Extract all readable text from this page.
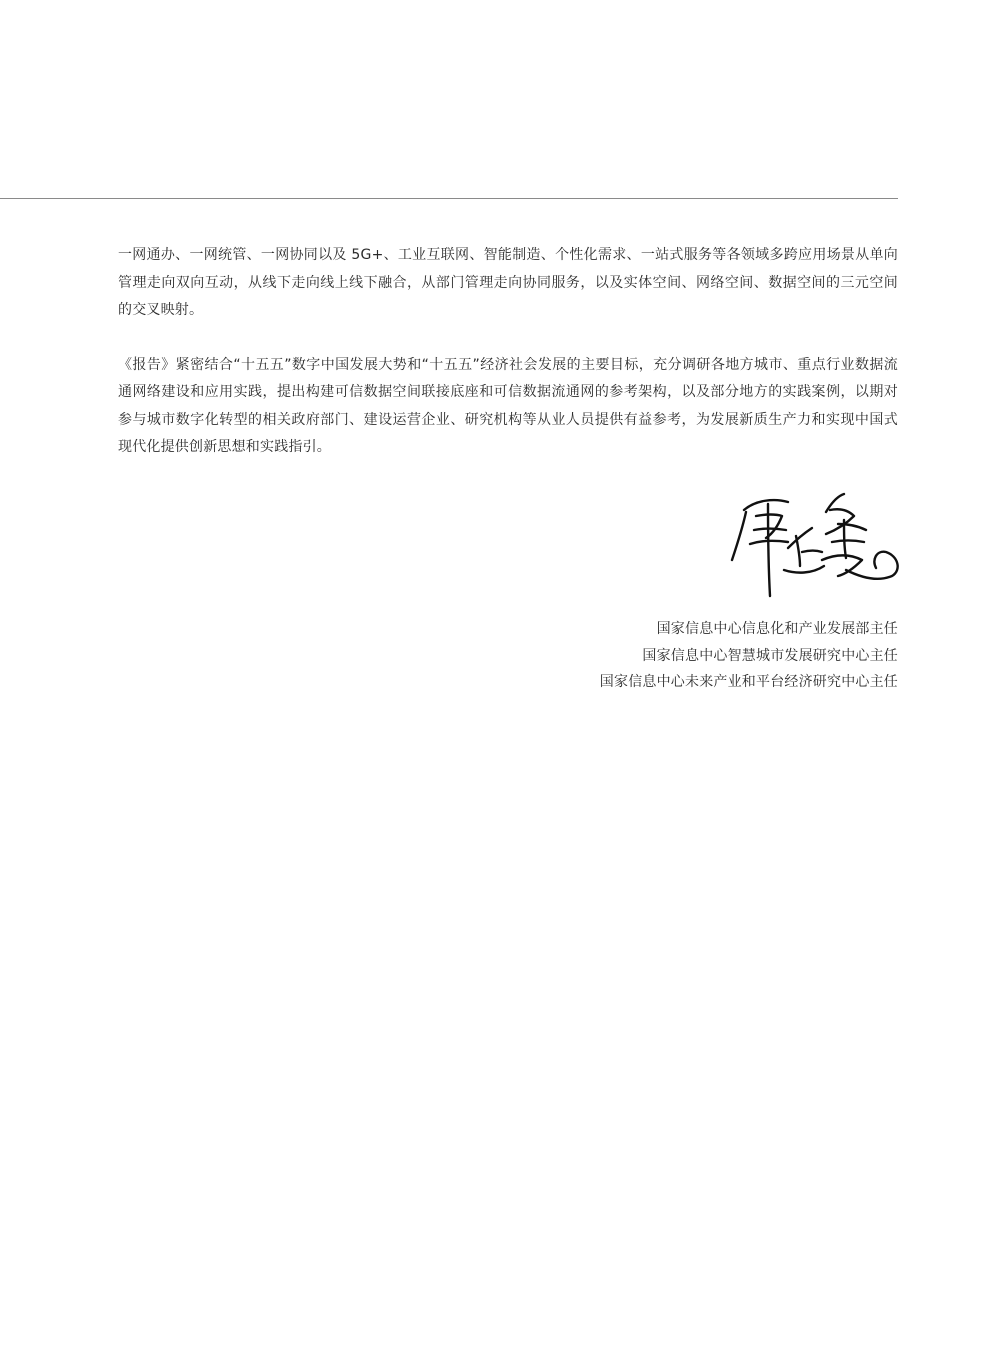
一网通办、一网统管、一网协同以及 5G+、工业互联网、智能制造、个性化需求、一站式服务等各领域多跨应用场景从单向管理走向双向互动，从线下走向线上线下融合，从部门管理走向协同服务，以及实体空间、网络空间、数据空间的三元空间的交叉映射。

《报告》紧密结合“十五五”数字中国发展大势和“十五五”经济社会发展的主要目标，充分调研各地方城市、重点行业数据流通网络建设和应用实践，提出构建可信数据空间联接底座和可信数据流通网的参考架构，以及部分地方的实践案例，以期对参与城市数字化转型的相关政府部门、建设运营企业、研究机构等从业人员提供有益参考，为发展新质生产力和实现中国式现代化提供创新思想和实践指引。

国家信息中心信息化和产业发展部主任
国家信息中心智慧城市发展研究中心主任
国家信息中心未来产业和平台经济研究中心主任
